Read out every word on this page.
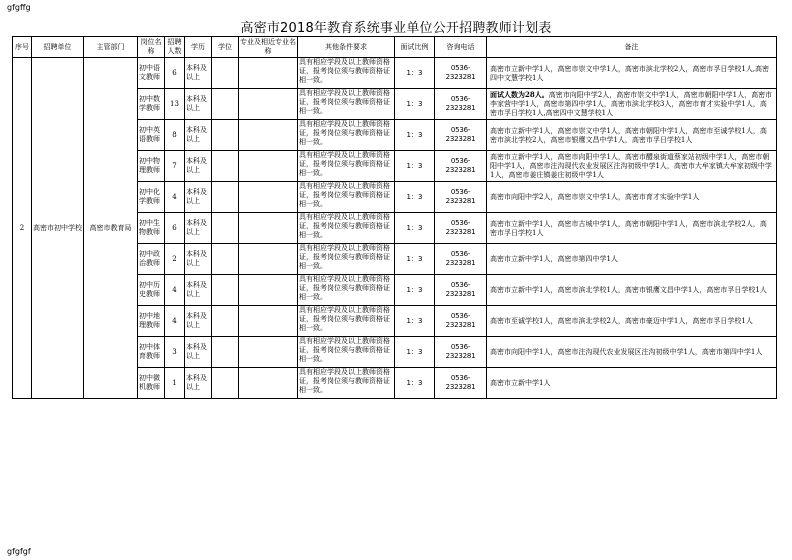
gfgffg
高密市2018年教育系统事业单位公开招聘教师计划表
序号	招聘单位	主管部门	岗位名称	招聘人数	学历	学位	专业及相近专业名称	其他条件要求	面试比例	咨询电话	备注
2	高密市初中学校	高密市教育局	初中语文教师	6	本科及以上			具有相应学段及以上教师资格证，报考岗位须与教师资格证相一致。	1：3	0536-2323281	高密市立新中学1人，高密市崇文中学1人，高密市滨北学校2人，高密市孚日学校1人,高密四中文慧学校1人
			初中数学教师	13	本科及以上			具有相应学段及以上教师资格证，报考岗位须与教师资格证相一致。	1：3	0536-2323281	面试人数为28人。高密市向阳中学2人，高密市崇文中学1人，高密市朝阳中学1人，高密市李家营中学1人，高密市第四中学1人，高密市滨北学校3人，高密市育才实验中学1人，高密市孚日学校1人,高密四中文慧学校1人
			初中英语教师	8	本科及以上			具有相应学段及以上教师资格证，报考岗位须与教师资格证相一致。	1：3	0536-2323281	高密市立新中学1人，高密市崇文中学1人，高密市朝阳中学1人，高密市至诚学校1人，高密市滨北学校2人，高密市银鹰文昌中学1人，高密市孚日学校1人
			初中物理教师	7	本科及以上			具有相应学段及以上教师资格证，报考岗位须与教师资格证相一致。	1：3	0536-2323281	高密市立新中学1人，高密市向阳中学1人，高密市醴泉街道蔡家站初级中学1人，高密市朝阳中学1人，高密市注沟现代农业发展区注沟初级中学1人，高密市大牟家镇大牟家初级中学1人，高密市姜庄镇姜庄初级中学1人
			初中化学教师	4	本科及以上			具有相应学段及以上教师资格证，报考岗位须与教师资格证相一致。	1：3	0536-2323281	高密市向阳中学2人，高密市崇文中学1人，高密市育才实验中学1人
			初中生物教师	6	本科及以上			具有相应学段及以上教师资格证，报考岗位须与教师资格证相一致。	1：3	0536-2323281	高密市立新中学1人，高密市古城中学1人，高密市朝阳中学1人，高密市滨北学校2人，高密市孚日学校1人
			初中政治教师	2	本科及以上			具有相应学段及以上教师资格证，报考岗位须与教师资格证相一致。	1：3	0536-2323281	高密市立新中学1人，高密市第四中学1人
			初中历史教师	4	本科及以上			具有相应学段及以上教师资格证，报考岗位须与教师资格证相一致。	1：3	0536-2323281	高密市立新中学1人，高密市滨北学校1人，高密市银鹰文昌中学1人，高密市孚日学校1人
			初中地理教师	4	本科及以上			具有相应学段及以上教师资格证，报考岗位须与教师资格证相一致。	1：3	0536-2323281	高密市至诚学校1人，高密市滨北学校2人，高密市豪迈中学1人，高密市孚日学校1人
			初中体育教师	3	本科及以上			具有相应学段及以上教师资格证，报考岗位须与教师资格证相一致。	1：3	0536-2323281	高密市向阳中学1人，高密市注沟现代农业发展区注沟初级中学1人，高密市第四中学1人
			初中微机教师	1	本科及以上			具有相应学段及以上教师资格证，报考岗位须与教师资格证相一致。	1：3	0536-2323281	高密市立新中学1人
gfgfgf
